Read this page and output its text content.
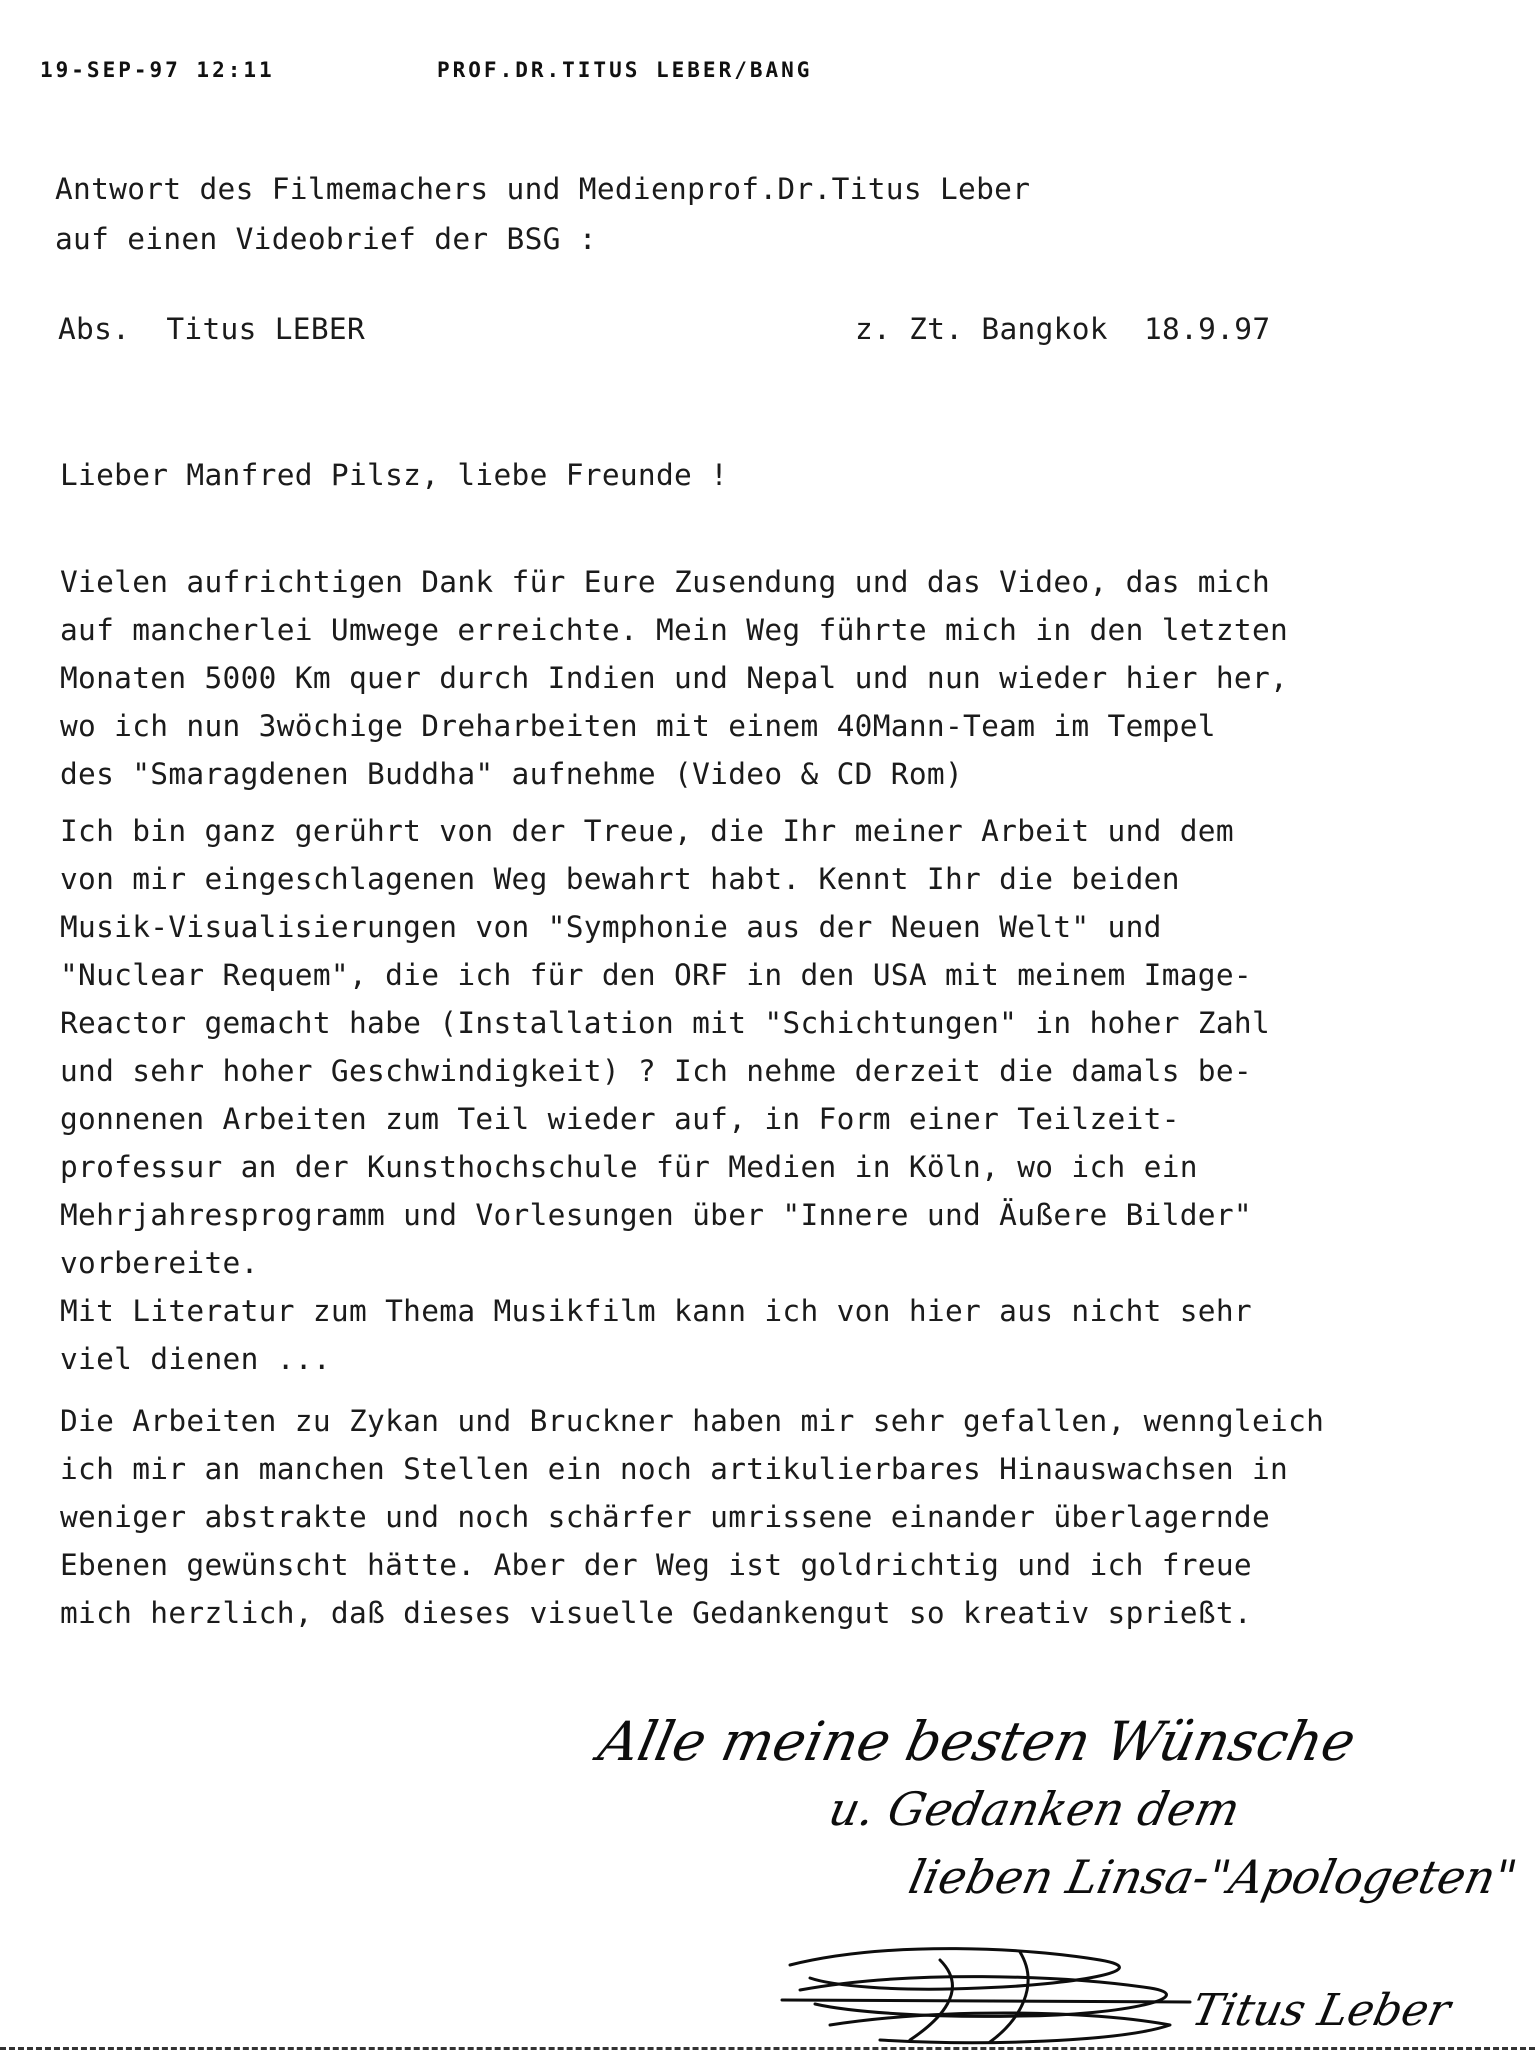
19-SEP-97 12:11	PROF.DR.TITUS LEBER/BANG
Antwort des Filmemachers und Medienprof.Dr.Titus Leber
auf einen Videobrief der BSG :
Abs.  Titus LEBER	z. Zt. Bangkok  18.9.97
Lieber Manfred Pilsz, liebe Freunde !
Vielen aufrichtigen Dank für Eure Zusendung und das Video, das mich
auf mancherlei Umwege erreichte. Mein Weg führte mich in den letzten
Monaten 5000 Km quer durch Indien und Nepal und nun wieder hier her,
wo ich nun 3wöchige Dreharbeiten mit einem 40Mann-Team im Tempel
des "Smaragdenen Buddha" aufnehme (Video & CD Rom)
Ich bin ganz gerührt von der Treue, die Ihr meiner Arbeit und dem
von mir eingeschlagenen Weg bewahrt habt. Kennt Ihr die beiden
Musik-Visualisierungen von "Symphonie aus der Neuen Welt" und
"Nuclear Requem", die ich für den ORF in den USA mit meinem Image-
Reactor gemacht habe (Installation mit "Schichtungen" in hoher Zahl
und sehr hoher Geschwindigkeit) ? Ich nehme derzeit die damals be-
gonnenen Arbeiten zum Teil wieder auf, in Form einer Teilzeit-
professur an der Kunsthochschule für Medien in Köln, wo ich ein
Mehrjahresprogramm und Vorlesungen über "Innere und Äußere Bilder"
vorbereite.
Mit Literatur zum Thema Musikfilm kann ich von hier aus nicht sehr
viel dienen ...
Die Arbeiten zu Zykan und Bruckner haben mir sehr gefallen, wenngleich
ich mir an manchen Stellen ein noch artikulierbares Hinauswachsen in
weniger abstrakte und noch schärfer umrissene einander überlagernde
Ebenen gewünscht hätte. Aber der Weg ist goldrichtig und ich freue
mich herzlich, daß dieses visuelle Gedankengut so kreativ sprießt.
Alle meine besten Wünsche
u. Gedanken dem
lieben Linsa-"Apologeten"
Titus Leber
